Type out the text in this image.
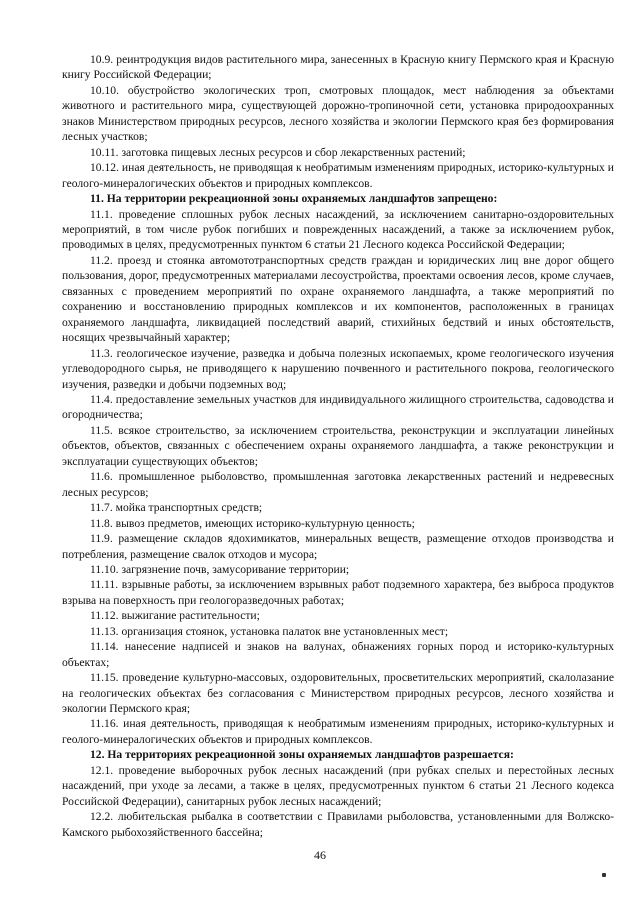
10.9. реинтродукция видов растительного мира, занесенных в Красную книгу Пермского края и Красную книгу Российской Федерации;

10.10. обустройство экологических троп, смотровых площадок, мест наблюдения за объектами животного и растительного мира, существующей дорожно-тропиночной сети, установка природоохранных знаков Министерством природных ресурсов, лесного хозяйства и экологии Пермского края без формирования лесных участков;

10.11. заготовка пищевых лесных ресурсов и сбор лекарственных растений;

10.12. иная деятельность, не приводящая к необратимым изменениям природных, историко-культурных и геолого-минералогических объектов и природных комплексов.

11. На территории рекреационной зоны охраняемых ландшафтов запрещено:

11.1. проведение сплошных рубок лесных насаждений, за исключением санитарно-оздоровительных мероприятий, в том числе рубок погибших и поврежденных насаждений, а также за исключением рубок, проводимых в целях, предусмотренных пунктом 6 статьи 21 Лесного кодекса Российской Федерации;

11.2. проезд и стоянка автомототранспортных средств граждан и юридических лиц вне дорог общего пользования, дорог, предусмотренных материалами лесоустройства, проектами освоения лесов, кроме случаев, связанных с проведением мероприятий по охране охраняемого ландшафта, а также мероприятий по сохранению и восстановлению природных комплексов и их компонентов, расположенных в границах охраняемого ландшафта, ликвидацией последствий аварий, стихийных бедствий и иных обстоятельств, носящих чрезвычайный характер;

11.3. геологическое изучение, разведка и добыча полезных ископаемых, кроме геологического изучения углеводородного сырья, не приводящего к нарушению почвенного и растительного покрова, геологического изучения, разведки и добычи подземных вод;

11.4. предоставление земельных участков для индивидуального жилищного строительства, садоводства и огородничества;

11.5. всякое строительство, за исключением строительства, реконструкции и эксплуатации линейных объектов, объектов, связанных с обеспечением охраны охраняемого ландшафта, а также реконструкции и эксплуатации существующих объектов;

11.6. промышленное рыболовство, промышленная заготовка лекарственных растений и недревесных лесных ресурсов;

11.7. мойка транспортных средств;

11.8. вывоз предметов, имеющих историко-культурную ценность;

11.9. размещение складов ядохимикатов, минеральных веществ, размещение отходов производства и потребления, размещение свалок отходов и мусора;

11.10. загрязнение почв, замусоривание территории;

11.11. взрывные работы, за исключением взрывных работ подземного характера, без выброса продуктов взрыва на поверхность при геологоразведочных работах;

11.12. выжигание растительности;

11.13. организация стоянок, установка палаток вне установленных мест;

11.14. нанесение надписей и знаков на валунах, обнажениях горных пород и историко-культурных объектах;

11.15. проведение культурно-массовых, оздоровительных, просветительских мероприятий, скалолазание на геологических объектах без согласования с Министерством природных ресурсов, лесного хозяйства и экологии Пермского края;

11.16. иная деятельность, приводящая к необратимым изменениям природных, историко-культурных и геолого-минералогических объектов и природных комплексов.

12. На территориях рекреационной зоны охраняемых ландшафтов разрешается:

12.1. проведение выборочных рубок лесных насаждений (при рубках спелых и перестойных лесных насаждений, при уходе за лесами, а также в целях, предусмотренных пунктом 6 статьи 21 Лесного кодекса Российской Федерации), санитарных рубок лесных насаждений;

12.2. любительская рыбалка в соответствии с Правилами рыболовства, установленными для Волжско-Камского рыбохозяйственного бассейна;

46
